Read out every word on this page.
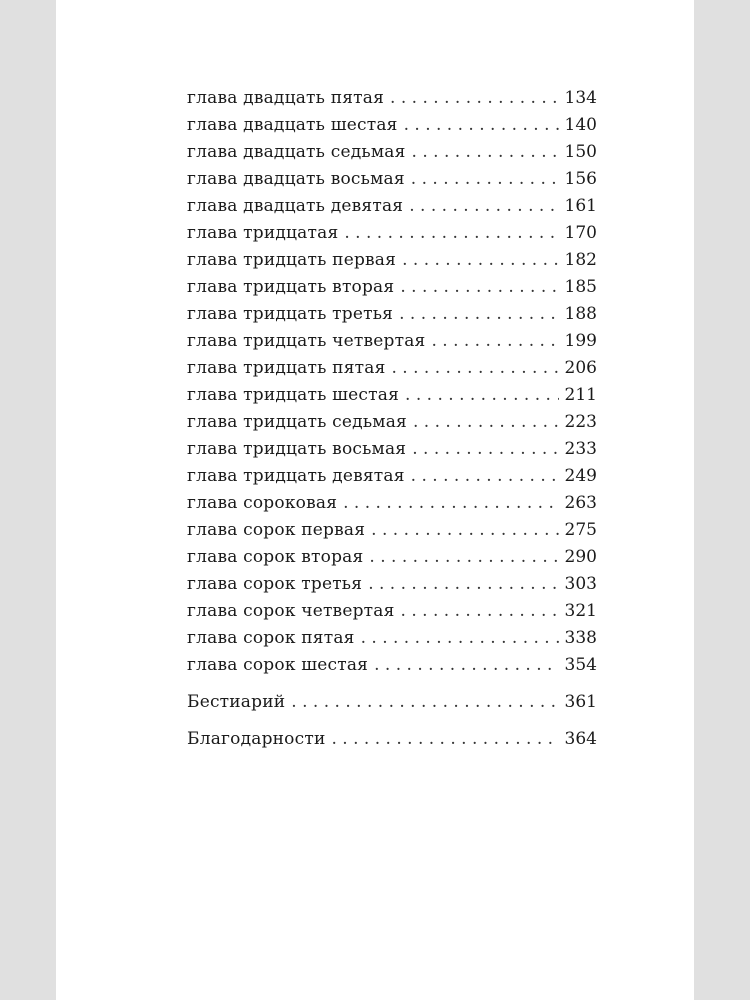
глава двадцать пятая . . .	134
глава двадцать шестая . . .	140
глава двадцать седьмая . . .	150
глава двадцать восьмая . . .	156
глава двадцать девятая . . .	161
глава тридцатая . . .	170
глава тридцать первая . . .	182
глава тридцать вторая . . .	185
глава тридцать третья . . .	188
глава тридцать четвертая . . .	199
глава тридцать пятая . . .	206
глава тридцать шестая . . .	211
глава тридцать седьмая . . .	223
глава тридцать восьмая . . .	233
глава тридцать девятая . . .	249
глава сороковая . . .	263
глава сорок первая . . .	275
глава сорок вторая . . .	290
глава сорок третья . . .	303
глава сорок четвертая . . .	321
глава сорок пятая . . .	338
глава сорок шестая . . .	354
Бестиарий . . .	361
Благодарности . . .	364
